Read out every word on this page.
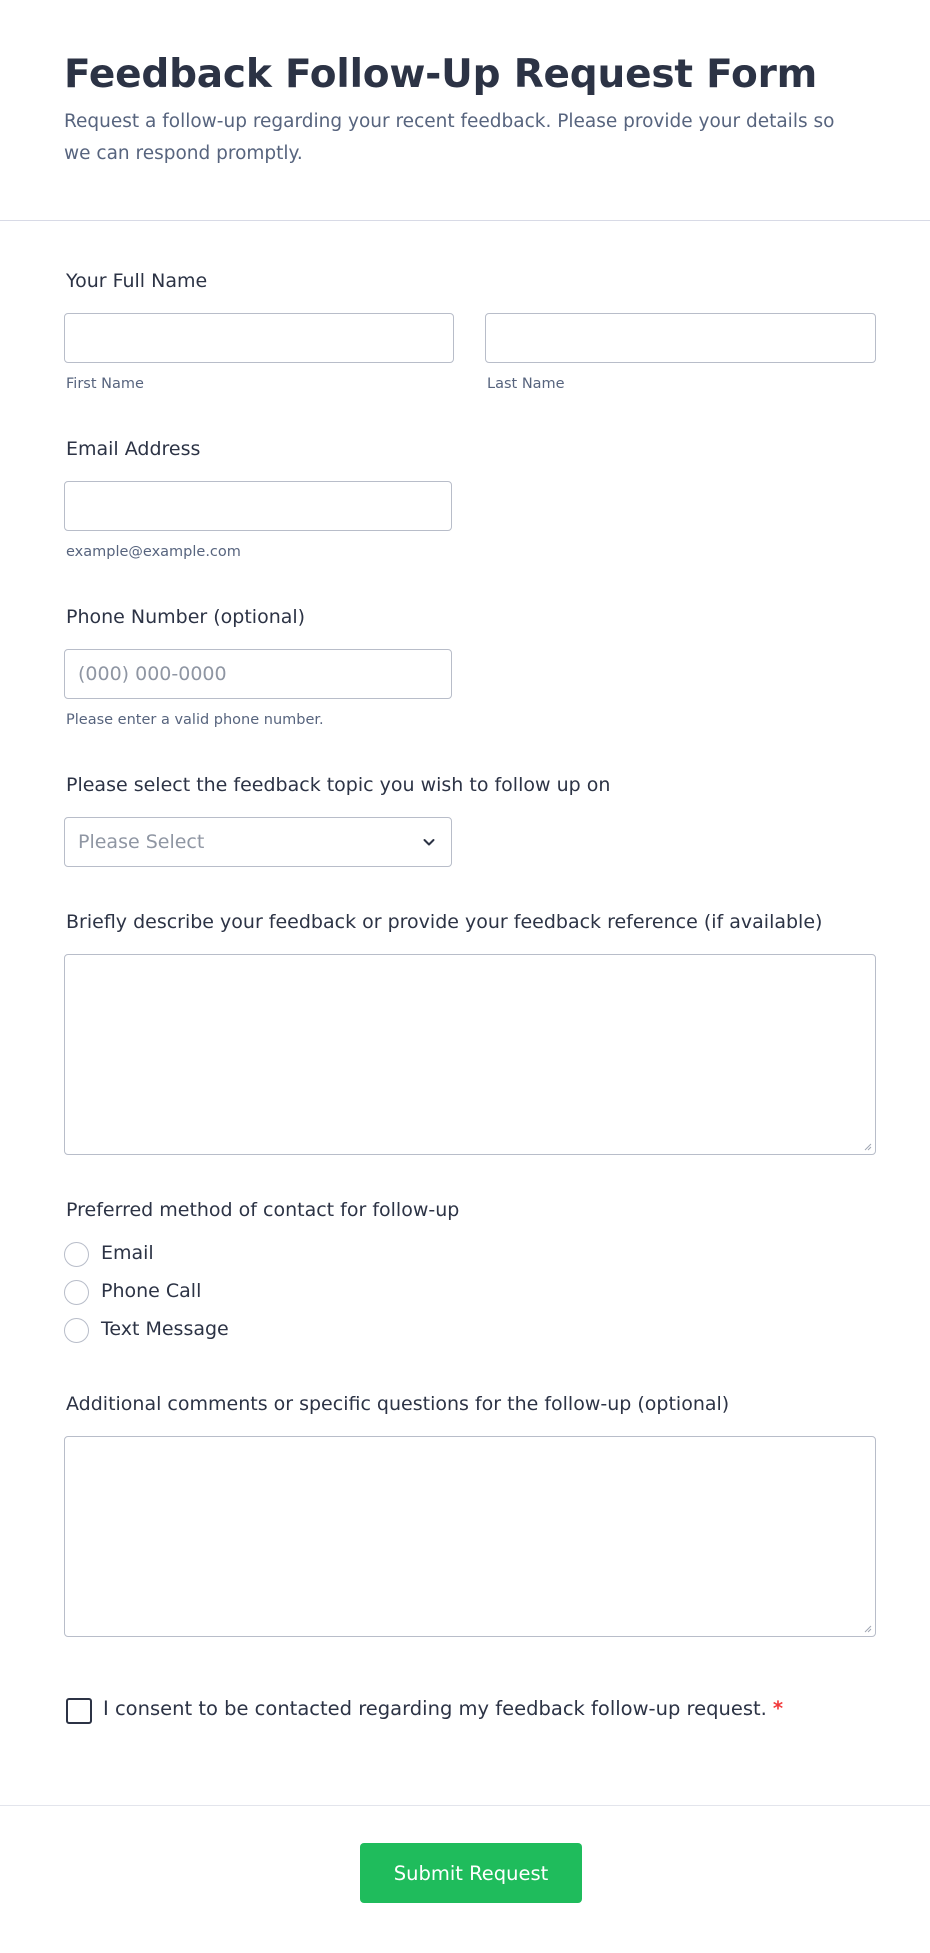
Feedback Follow-Up Request Form

Request a follow-up regarding your recent feedback. Please provide your details so we can respond promptly.

Your Full Name
First Name	Last Name
Email Address
example@example.com
Phone Number (optional)
(000) 000-0000
Please enter a valid phone number.
Please select the feedback topic you wish to follow up on
Please Select
Briefly describe your feedback or provide your feedback reference (if available)
Preferred method of contact for follow-up
Email
Phone Call
Text Message
Additional comments or specific questions for the follow-up (optional)
I consent to be contacted regarding my feedback follow-up request. *
Submit Request
